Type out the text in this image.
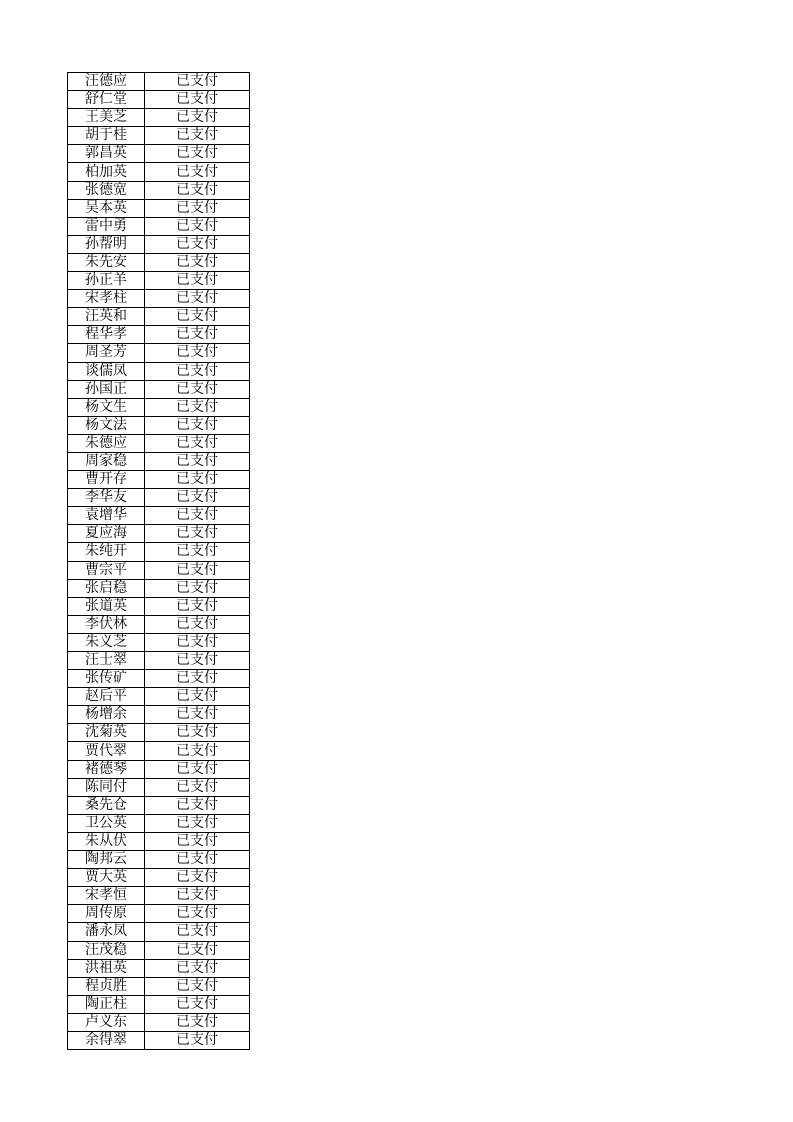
汪德应	已支付
舒仁堂	已支付
王美芝	已支付
胡于桂	已支付
郭昌英	已支付
柏加英	已支付
张德宽	已支付
吴本英	已支付
雷中勇	已支付
孙帮明	已支付
朱先安	已支付
孙正羊	已支付
宋孝柱	已支付
汪英和	已支付
程华孝	已支付
周圣芳	已支付
谈儒凤	已支付
孙国正	已支付
杨文生	已支付
杨文法	已支付
朱德应	已支付
周家稳	已支付
曹开存	已支付
李华友	已支付
袁增华	已支付
夏应海	已支付
朱纯开	已支付
曹宗平	已支付
张启稳	已支付
张道英	已支付
李伏林	已支付
朱义芝	已支付
汪士翠	已支付
张传矿	已支付
赵后平	已支付
杨增余	已支付
沈菊英	已支付
贾代翠	已支付
褚德琴	已支付
陈同付	已支付
桑先仓	已支付
卫公英	已支付
朱从伏	已支付
陶邦云	已支付
贾大英	已支付
宋孝恒	已支付
周传原	已支付
潘永凤	已支付
汪茂稳	已支付
洪祖英	已支付
程贞胜	已支付
陶正柱	已支付
卢义东	已支付
余得翠	已支付
